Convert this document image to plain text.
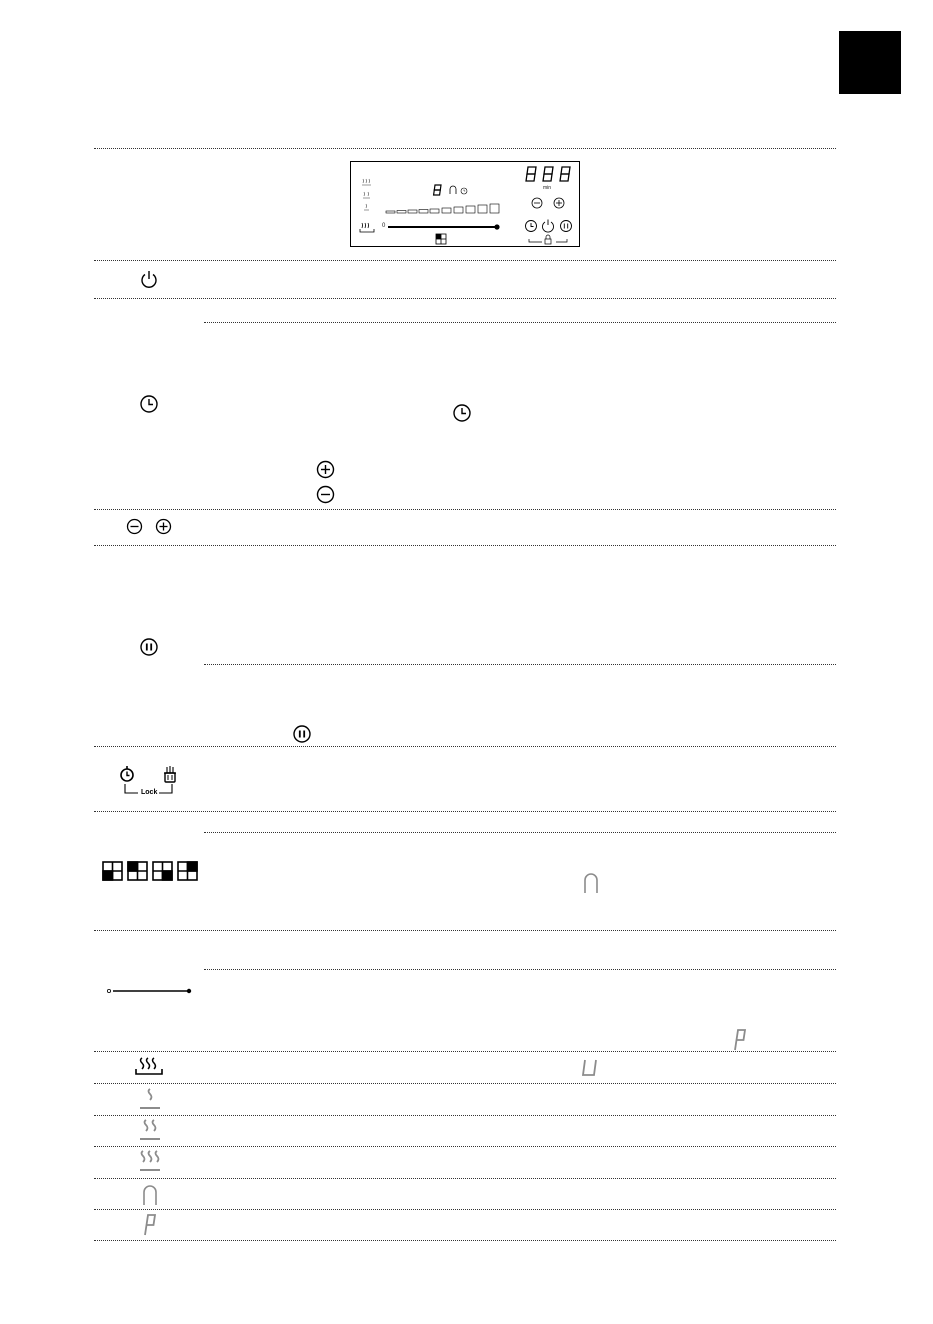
min
0
Lock
